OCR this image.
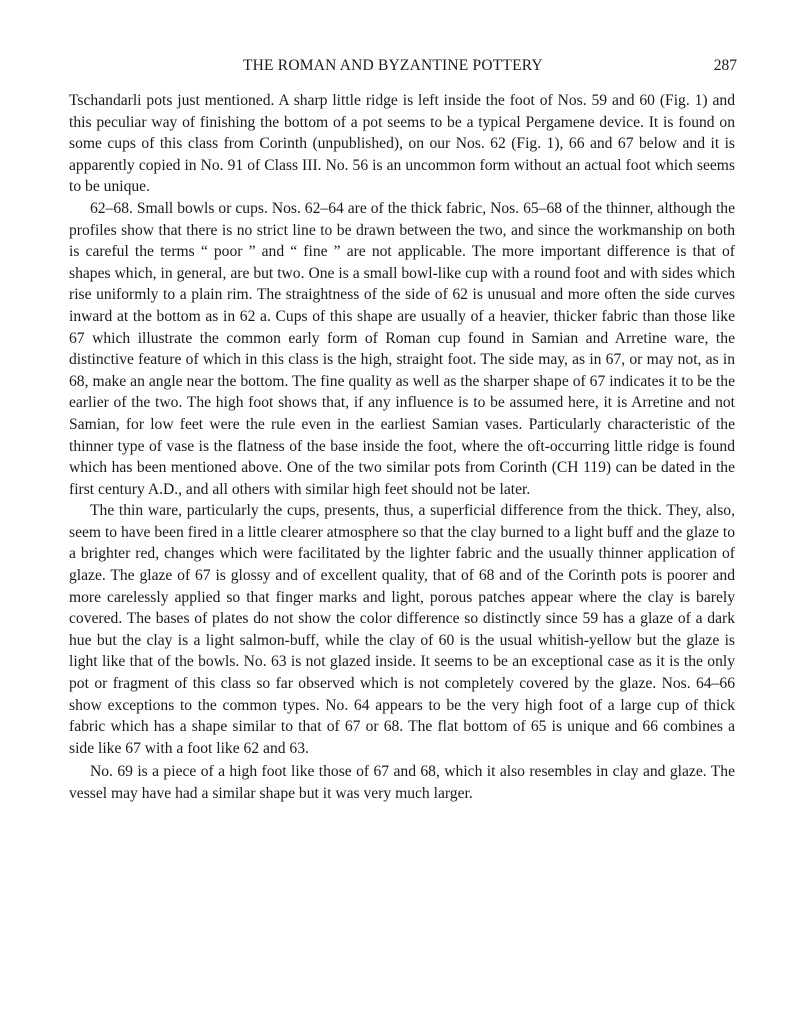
THE ROMAN AND BYZANTINE POTTERY	287

Tschandarli pots just mentioned. A sharp little ridge is left inside the foot of Nos. 59 and 60 (Fig. 1) and this peculiar way of finishing the bottom of a pot seems to be a typical Pergamene device. It is found on some cups of this class from Corinth (unpublished), on our Nos. 62 (Fig. 1), 66 and 67 below and it is apparently copied in No. 91 of Class III. No. 56 is an uncommon form without an actual foot which seems to be unique.

62–68. Small bowls or cups. Nos. 62–64 are of the thick fabric, Nos. 65–68 of the thinner, although the profiles show that there is no strict line to be drawn between the two, and since the workmanship on both is careful the terms “ poor ” and “ fine ” are not applicable. The more important difference is that of shapes which, in general, are but two. One is a small bowl-like cup with a round foot and with sides which rise uniformly to a plain rim. The straightness of the side of 62 is unusual and more often the side curves inward at the bottom as in 62 a. Cups of this shape are usually of a heavier, thicker fabric than those like 67 which illustrate the common early form of Roman cup found in Samian and Arretine ware, the distinctive feature of which in this class is the high, straight foot. The side may, as in 67, or may not, as in 68, make an angle near the bottom. The fine quality as well as the sharper shape of 67 indicates it to be the earlier of the two. The high foot shows that, if any influence is to be assumed here, it is Arretine and not Samian, for low feet were the rule even in the earliest Samian vases. Particularly characteristic of the thinner type of vase is the flatness of the base inside the foot, where the oft-occurring little ridge is found which has been mentioned above. One of the two similar pots from Corinth (CH 119) can be dated in the first century A.D., and all others with similar high feet should not be later.

The thin ware, particularly the cups, presents, thus, a superficial difference from the thick. They, also, seem to have been fired in a little clearer atmosphere so that the clay burned to a light buff and the glaze to a brighter red, changes which were facilitated by the lighter fabric and the usually thinner application of glaze. The glaze of 67 is glossy and of excellent quality, that of 68 and of the Corinth pots is poorer and more carelessly applied so that finger marks and light, porous patches appear where the clay is barely covered. The bases of plates do not show the color difference so distinctly since 59 has a glaze of a dark hue but the clay is a light salmon-buff, while the clay of 60 is the usual whitish-yellow but the glaze is light like that of the bowls. No. 63 is not glazed inside. It seems to be an exceptional case as it is the only pot or fragment of this class so far observed which is not completely covered by the glaze. Nos. 64–66 show exceptions to the common types. No. 64 appears to be the very high foot of a large cup of thick fabric which has a shape similar to that of 67 or 68. The flat bottom of 65 is unique and 66 combines a side like 67 with a foot like 62 and 63.

No. 69 is a piece of a high foot like those of 67 and 68, which it also resembles in clay and glaze. The vessel may have had a similar shape but it was very much larger.
